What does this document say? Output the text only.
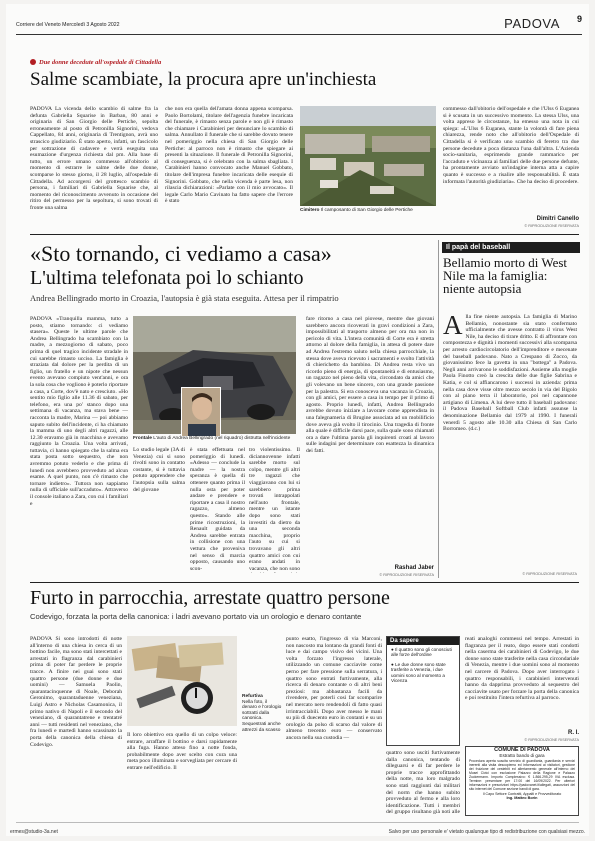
Corriere del Veneto Mercoledì 3 Agosto 2022	PADOVA 9
Due donne decedute all'ospedale di Cittadella
Salme scambiate, la procura apre un'inchiesta
PADOVA La vicenda dello scambio di salme fra la defunta Gabriella Squarise in Barban, 80 anni e originaria di San Giorgio delle Pertiche, sepolta erroneamente al posto di Petronilla Signorini, vedova Cappellato, 84 anni, originaria di Trentignon, avrà uno strascico giudiziario. È stato aperto, infatti, un fascicolo per sottrazione di cadavere e verrà eseguita una esumazione d'urgenza richiesta dal pm. Alla base di tutto, un errore umano commesso all'obitorio al momento di estrarre le salme delle due donne, scomparse lo stesso giorno, il 28 luglio, all'ospedale di Cittadella. Ad accorgersi del grottesco scambio di persona, i familiari di Gabriella Squarise che, al momento del riconoscimento avvenuto in occasione del ritiro del permesso per la sepoltura, si sono trovati di fronte una salma
che non era quella dell'amata donna appena scomparsa. Paolo Bortolami, titolare dell'agenzia funebre incaricata del funerale, è rimasto senza parole e non gli è rimasto che chiamare i Carabinieri per denunciare lo scambio di salma. Annullato il funerale che si sarebbe dovuto tenere nel pomeriggio nella chiesa di San Giorgio delle Pertiche: al parroco non è rimasto che spiegare ai presenti la situazione. Il funerale di Petronilla Signorini, di conseguenza, si è celebrato con la salma sbagliata. I Carabinieri hanno convocato anche Manuel Gobbato, titolare dell'impresa funebre incaricata delle esequie di Signorini. Gobbato, che nella vicenda è parte lesa, non rilascia dichiarazioni: «Parlate con il mio avvocato». Il legale Carlo Mario Cavinato ha fatto sapere che l'errore è stato
Cimitero Il camposanto di San Giorgio delle Pertiche
commesso dall'obitorio dell'ospedale e che l'Ulss 6 Euganea si è scusata in un successivo momento. La stessa Ulss, una volta appreso le circostanze, ha emesso una nota in cui spiega: «L'Ulss 6 Euganea, stante la volontà di fare piena chiarezza, rende noto che all'obitorio dell'Ospedale di Cittadella si è verificato uno scambio di feretro tra due persone decedute a poca distanza l'una dall'altra. L'Azienda socio-sanitaria, esprimendo grande rammarico per l'accaduto e vicinanza ai familiari delle due persone defunte, ha prontamente avviato un'indagine interna atta a capire quanto è successo e a risalire alle responsabilità. È stata informata l'autorità giudiziaria». Che ha deciso di procedere.
Dimitri Canello
© RIPRODUZIONE RISERVATA
«Sto tornando, ci vediamo a casa»
L'ultima telefonata poi lo schianto
Andrea Bellingrado morto in Croazia, l'autopsia è già stata eseguita. Attesa per il rimpatrio
PADOVA «Tranquilla mamma, tutto a posto, stiamo tornando: ci vediamo stasera». Queste le ultime parole che Andrea Bellingrado ha scambiato con la madre, a mezzogiorno di sabato, poco prima di quel tragico incidente stradale in cui sarebbe rimasto ucciso. La famiglia è straziata dal dolore per la perdita di un figlio, un fratello e un nipote che nessun evento avevano compiuto vent'anni, e ora la sola cosa che vogliono è poterlo riportare a casa, a Corte, dov'è nato e cresciuto. «Ho sentito mio figlio alle 11.36 di sabato, per telefono, era una po' stanco dopo una settimana di vacanza, ma stava bene — racconta la madre, Marina — poi abbiamo saputo subito dell'incidente, ci ha chiamato la mamma di uno degli altri ragazzi, alle 12.30 eravamo già in macchina e avevamo raggiunto la Croazia. Una volta arrivati, tuttavia, ci hanno spiegato che la salma era stata posta sotto sequestro, che non avremmo potuto vederlo e che prima di lunedì non avrebbero provveduto ad alcun esame. A quel punto, non c'è rimasto che tornare indietro». Tuttora non sappiamo nulla di ufficiale sull'accaduto». Attraverso il console italiano a Zara, con cui i familiari e
Frontale L'auto di Andrea Bellingrado (nel riquadro) distrutta nell'incidente
Lo studio legale (3A di Venezia) cui si sono rivolti sono in contatto costante, si è tuttavia potuto apprendere che l'autopsia sulla salma del giovane
è stata effettuata nel pomeriggio di lunedì. «Adesso — conclude la madre — la nostra speranza è quella di ottenere quanto prima il nulla osta per poter andare e prendere e riportare a casa il nostro ragazzo, almeno questo». Stando alle prime ricostruzioni, la Renault guidata da Andrea sarebbe entrata in collisione con una vettura che proveniva nel senso di marcia opposto, causando uno scon-
tro violentissimo. Il diciannovenne infatti sarebbe morto sul colpo, mentre gli altri tre ragazzi che viaggiavano con lui si sarebbero prima trovati intrappolati nell'auto frontale, mentre un istante dopo sono stati investiti da dietro da una seconda macchina, proprio l'auto su cui si trovavano gli altri quattro amici con cui erano andati in vacanza, che non sono
fare ritorno a casa nel piovese, mentre due giovani sarebbero ancora ricoverati in gravi condizioni a Zara, impossibilitati al trasporto almeno per ora ma non in pericolo di vita. L'intera comunità di Corte era è stretta attorno al dolore della famiglia, in attesa di potere dare ad Andrea l'estremo saluto nella chiesa parrocchiale, la stessa dove aveva ricevuto i sacramenti e svolto l'attività di chierichetto da bambino. Di Andrea resta vivo un ricordo pieno di energia, di spontaneità e di entusiasmo, un ragazzo nel pieno della vita, circondato da amici che gli volevano un bene sincero, con una grande passione per la palestra. Si era conosceva una vacanza in Croazia, con gli amici, per essere a casa in tempo per il primo di agosto. Proprio lunedì, infatti, Andrea Bellingrado avrebbe dovuto iniziare a lavorare come apprendista in una falegnameria di Brugine associata ad un mobilificio dove aveva già svolto il tirocinio. Una tragedia di fronte alla quale è difficile darsi pace, sulla quale sono chiamati ora a dare l'ultima parola gli inquirenti croati al lavoro sulle indagini per determinare con esattezza la dinamica dei fatti.
Rashad Jaber
© RIPRODUZIONE RISERVATA
Il papà del baseball
Bellamio morto di West Nile ma la famiglia: niente autopsia
Alla fine niente autopsia. La famiglia di Marino Bellamio, nonostante sia stato confermato ufficialmente che avesse contratto il virus West Nile, ha deciso di tirare dritto. E di affrontare con compostezza e dignità i momenti successivi alla scomparsa per arresto cardiocircolatorio dell'imprenditore e mecenate del baseball padovano. Nato a Crespano di Zocco, da giovanissimo fece la gavetta in una "bottega" a Padova. Negli anni arrivarono le soddisfazioni. Assieme alla moglie Paola Finotto creò la crescita delle due figlie Sabrina e Katia, e col si affiancarono i successi in azienda: prima nella casa dove visse oltre mezzo secolo in via del Bigolo con al piano terra il laboratorio, poi nel capannone artigiano di Limena. A lui deve tutto il baseball padovano: il Padova Baseball Softball Club infatti assunse la denominazione Bellamio dal 1979 al 1990. I funerali venerdì 5 agosto alle 10.30 alla Chiesa di San Carlo Borromeo. (d.c.)
© RIPRODUZIONE RISERVATA
Furto in parrocchia, arrestate quattro persone
Codevigo, forzata la porta della canonica: i ladri avevano portato via un orologio e denaro contante
PADOVA Si sono introdotti di notte all'interno di una chiesa in cerca di un bottino facile, ma sono stati intercettati e arrestati in flagranza dal carabinieri prima di poter far perdere le proprie tracce. A finire nei guai sono stati quattro persone (due donne e due uomini) — Samuela Paolin, quarantacinquenne di Noale, Deborah Geronimo, quarantaduenne veneziana, Luigi Astro e Nicholas Casamonica, il primo nativo di Napoli e il secondo del veneziano, di quarantatrene e trentatré anni — tutti residenti nel veneziano, che fra lunedì e martedì hanno scassinato la porta della canonica della chiesa di Codevigo.
Il loro obiettivo era quello di un colpo veloce: entrare, arraffare il bottino e darsi rapidamente alla fuga. Hanno atteso fino a notte fonda, probabilmente dopo aver scelto con cura una meta poco illuminata e sorvegliata per cercare di entrare nell'edificio. Il
Refurtiva
Nella foto, il denaro e l'orologio sottratti dalla canonica. Sequestrati anche attrezzi da scasso
punto esatto, l'ingresso di via Marconi, non nascosto ma lontano da grandi fonti di luce e dai campo visivo dei vicini. Una volta forzato l'ingresso laterale, utilizzando un comune cacciavite come perno per fare pressione sulla serratura, i quattro sono entrati furtivamente, alla ricerca di denaro contante o di altri beni preziosi: ma abbastanza facili da rivendere, per poterli così far scomparire nel mercato nero rendendoli di fatto quasi irrintracciabili. Dopo aver messo le mani su più di duecento euro in contanti e su un orologio da polso di scarso dal valore di almeno trecento euro — conservato ancora nella sua custodia —
Da sapere
● Il quattro sono gli conosciuti alle forze dell'ordine
● Le due donne sono state trasferite a Venezia, i due uomini sono al momento a Vicenza
reati analoghi commessi nel tempo. Arrestati in flagranza per il reato, dopo essere stati condotti nella caserma dei carabinieri di Codevigo, le due donne sono state trasferite nella casa circondariale di Venezia, mentre i due uomini sono al momento nel carcere di Padova. Dopo aver interrogato i quattro responsabili, i carabinieri intervenuti hanno da dapprima provveduto al sequestro del cacciavite usato per forzare la porta della canonica e poi restituito l'intera refurtiva al parroco.
R. I.
© RIPRODUZIONE RISERVATA
quattro sono usciti furtivamente dalla canonica, tentando di dileguarsi e di far perdere le proprie tracce approfittando della notte, ma loro malgrado sono stati raggiunti dai militari del norm che hanno subito provveduto al fermo e alla loro identificazione. Tutti i membri del gruppo risultano già noti alle
COMUNE DI PADOVA
Estratto bando di gara
Procedura aperta suscita servizio di guardiania, guardiania e servizi inerenti alla visita descopiemo ed informazioni ai visitatori, gestione dei fruizione del cesteblit ed allertamento generale all'interno dei Musei Civici con esclusione Palazzo della Ragione e Palazzo Zuckermann. Importo Complessivo: € 1.866.295,29 IVA esclusa. Termine: presentare per 17:00 del 16/09/2022. Per ulteriori informazioni e prescrizioni https://padovanet.it/allegati, assunzioni del sito internet del Comune sezione bandi di gara.
Il Capo Settore Contratti, Appalti e Provveditorato
Ing. Matteo Borin
ermes@studio-3a.net	Salvo per uso personale e' vietato qualunque tipo di redistribuzione con qualsiasi mezzo.
